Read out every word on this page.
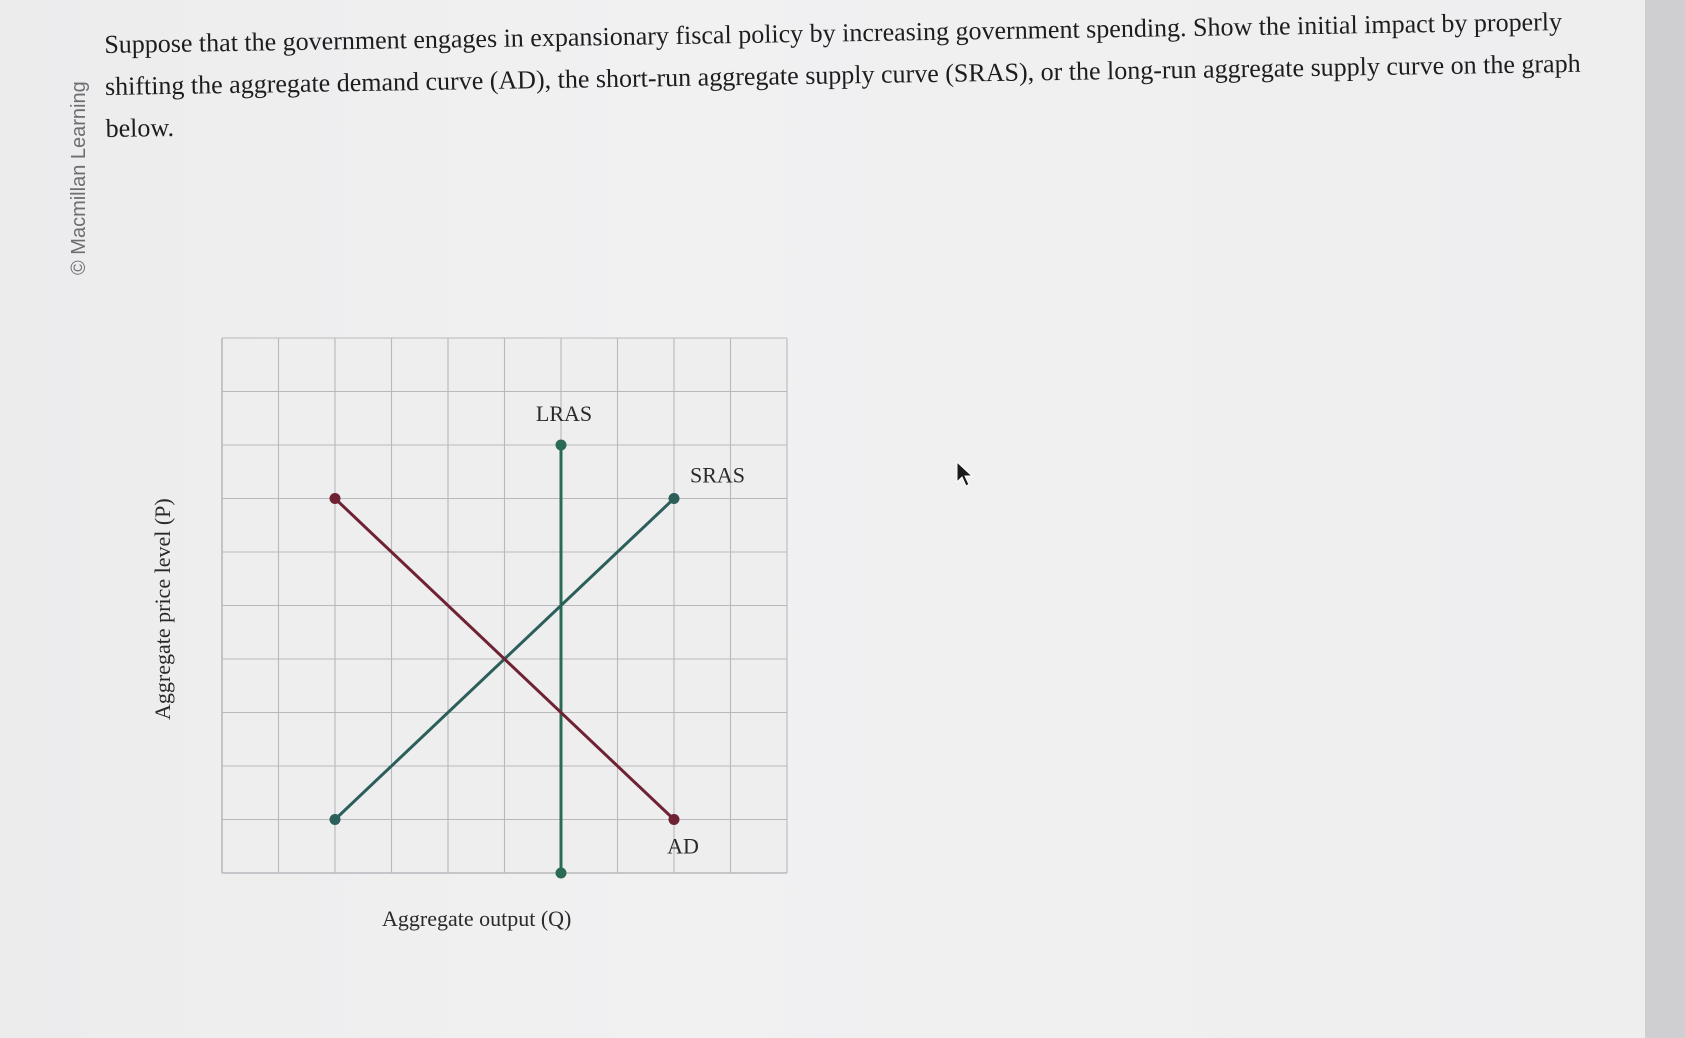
© Macmillan Learning
Suppose that the government engages in expansionary fiscal policy by increasing government spending. Show the initial impact by properly shifting the aggregate demand curve (AD), the short-run aggregate supply curve (SRAS), or the long-run aggregate supply curve on the graph below.
LRAS
SRAS
AD
Aggregate price level (P)
Aggregate output (Q)
